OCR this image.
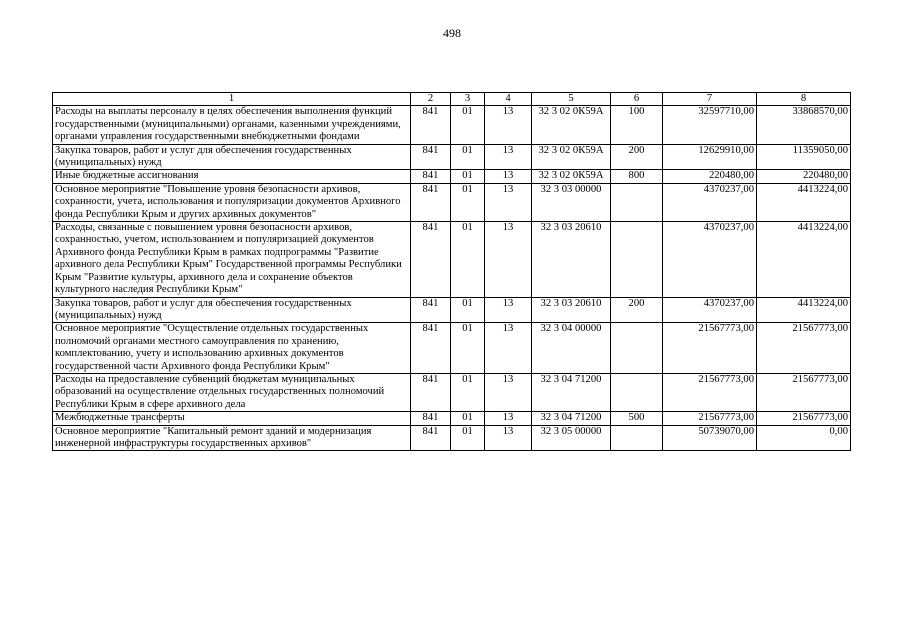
498
1	2	3	4	5	6	7	8
Расходы на выплаты персоналу в целях обеспечения выполнения функций государственными (муниципальными) органами, казенными учреждениями, органами управления государственными внебюджетными фондами	841	01	13	32 3 02 0К59А	100	32597710,00	33868570,00
Закупка товаров, работ и услуг для обеспечения государственных (муниципальных) нужд	841	01	13	32 3 02 0К59А	200	12629910,00	11359050,00
Иные бюджетные ассигнования	841	01	13	32 3 02 0К59А	800	220480,00	220480,00
Основное мероприятие "Повышение уровня безопасности архивов, сохранности, учета, использования и популяризации документов Архивного фонда Республики Крым и других архивных документов"	841	01	13	32 3 03 00000		4370237,00	4413224,00
Расходы, связанные с повышением уровня безопасности архивов, сохранностью, учетом, использованием и популяризацией документов Архивного фонда Республики Крым в рамках подпрограммы "Развитие архивного дела Республики Крым" Государственной программы Республики Крым "Развитие культуры, архивного дела и сохранение объектов культурного наследия Республики Крым"	841	01	13	32 3 03 20610		4370237,00	4413224,00
Закупка товаров, работ и услуг для обеспечения государственных (муниципальных) нужд	841	01	13	32 3 03 20610	200	4370237,00	4413224,00
Основное мероприятие "Осуществление отдельных государственных полномочий органами местного самоуправления по хранению, комплектованию, учету и использованию архивных документов государственной части Архивного фонда Республики Крым"	841	01	13	32 3 04 00000		21567773,00	21567773,00
Расходы на предоставление субвенций бюджетам муниципальных образований на осуществление отдельных государственных полномочий Республики Крым в сфере архивного дела	841	01	13	32 3 04 71200		21567773,00	21567773,00
Межбюджетные трансферты	841	01	13	32 3 04 71200	500	21567773,00	21567773,00
Основное мероприятие "Капитальный ремонт зданий и модернизация инженерной инфраструктуры государственных архивов"	841	01	13	32 3 05 00000		50739070,00	0,00
